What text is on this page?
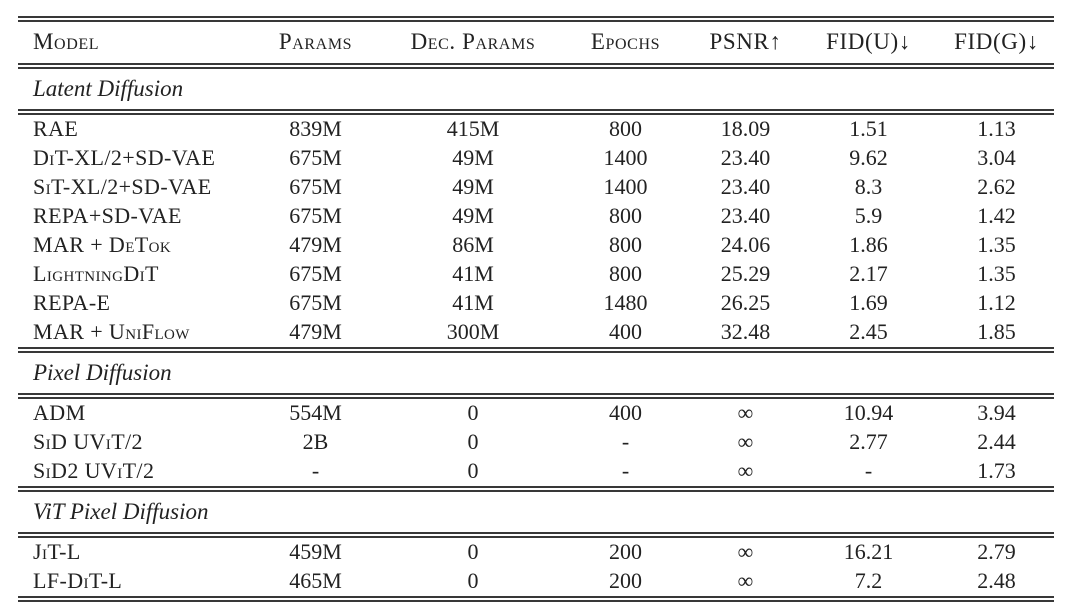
Model	Params	Dec. Params	Epochs	PSNR↑	FID(U)↓	FID(G)↓
Latent Diffusion						
RAE	839M	415M	800	18.09	1.51	1.13
DiT-XL/2+SD-VAE	675M	49M	1400	23.40	9.62	3.04
SiT-XL/2+SD-VAE	675M	49M	1400	23.40	8.3	2.62
REPA+SD-VAE	675M	49M	800	23.40	5.9	1.42
MAR + DeTok	479M	86M	800	24.06	1.86	1.35
LightningDiT	675M	41M	800	25.29	2.17	1.35
REPA-E	675M	41M	1480	26.25	1.69	1.12
MAR + UniFlow	479M	300M	400	32.48	2.45	1.85
Pixel Diffusion						
ADM	554M	0	400	∞	10.94	3.94
SiD UViT/2	2B	0	-	∞	2.77	2.44
SiD2 UViT/2	-	0	-	∞	-	1.73
ViT Pixel Diffusion						
JiT-L	459M	0	200	∞	16.21	2.79
LF-DiT-L	465M	0	200	∞	7.2	2.48
